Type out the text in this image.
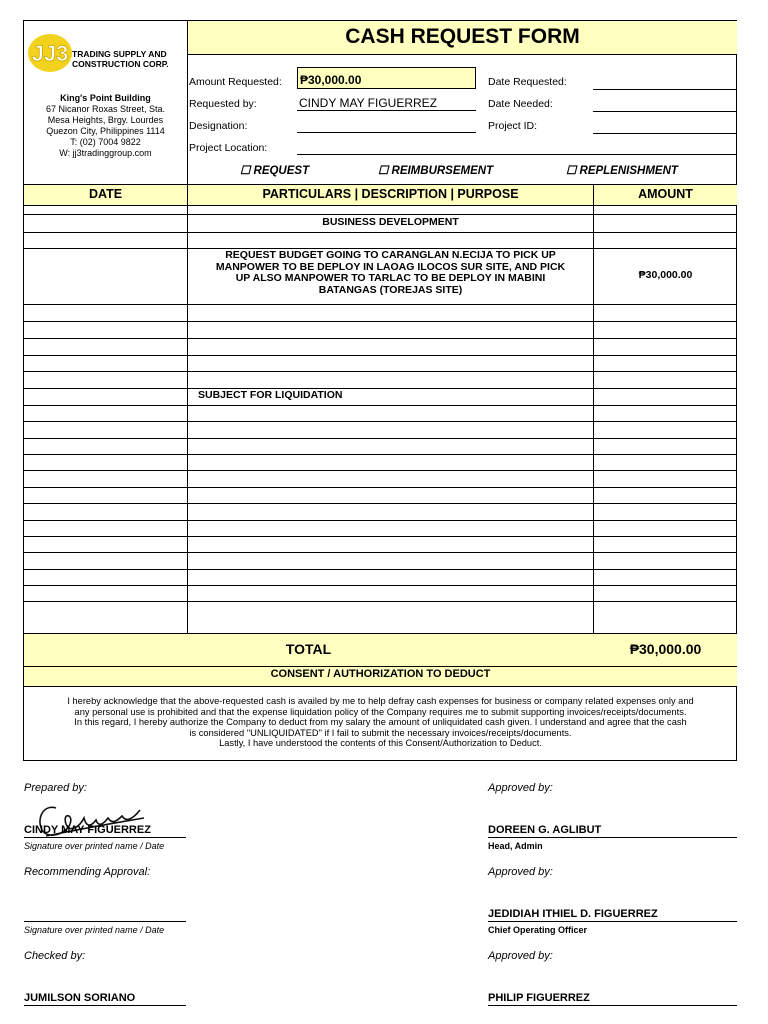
JJ3 TRADING SUPPLY AND
CONSTRUCTION CORP.
King's Point Building
67 Nicanor Roxas Street, Sta.
Mesa Heights, Brgy. Lourdes
Quezon City, Philippines 1114
T: (02) 7004 9822
W: jj3tradinggroup.com
CASH REQUEST FORM
Amount Requested: ₱30,000.00
Requested by:	CINDY MAY FIGUERREZ
Designation:
Project Location:
Date Requested:
Date Needed:
Project ID:
☐ REQUEST	☐ REIMBURSEMENT	☐ REPLENISHMENT
DATE	PARTICULARS | DESCRIPTION | PURPOSE	AMOUNT
BUSINESS DEVELOPMENT
REQUEST BUDGET GOING TO CARANGLAN N.ECIJA TO PICK UP
MANPOWER TO BE DEPLOY IN LAOAG ILOCOS SUR SITE, AND PICK
UP ALSO MANPOWER TO TARLAC TO BE DEPLOY IN MABINI
BATANGAS (TOREJAS SITE)
₱30,000.00
SUBJECT FOR LIQUIDATION
TOTAL	₱30,000.00
CONSENT / AUTHORIZATION TO DEDUCT
I hereby acknowledge that the above-requested cash is availed by me to help defray cash expenses for business or company related expenses only and
any personal use is prohibited and that the expense liquidation policy of the Company requires me to submit supporting invoices/receipts/documents.
In this regard, I hereby authorize the Company to deduct from my salary the amount of unliquidated cash given. I understand and agree that the cash
is considered "UNLIQUIDATED" if I fail to submit the necessary invoices/receipts/documents.
Lastly, I have understood the contents of this Consent/Authorization to Deduct.
Prepared by:
CINDY MAY FIGUERREZ
Signature over printed name / Date
Approved by:
DOREEN G. AGLIBUT
Head, Admin
Recommending Approval:
Signature over printed name / Date
Approved by:
JEDIDIAH ITHIEL D. FIGUERREZ
Chief Operating Officer
Checked by:
JUMILSON SORIANO
Approved by:
PHILIP FIGUERREZ
